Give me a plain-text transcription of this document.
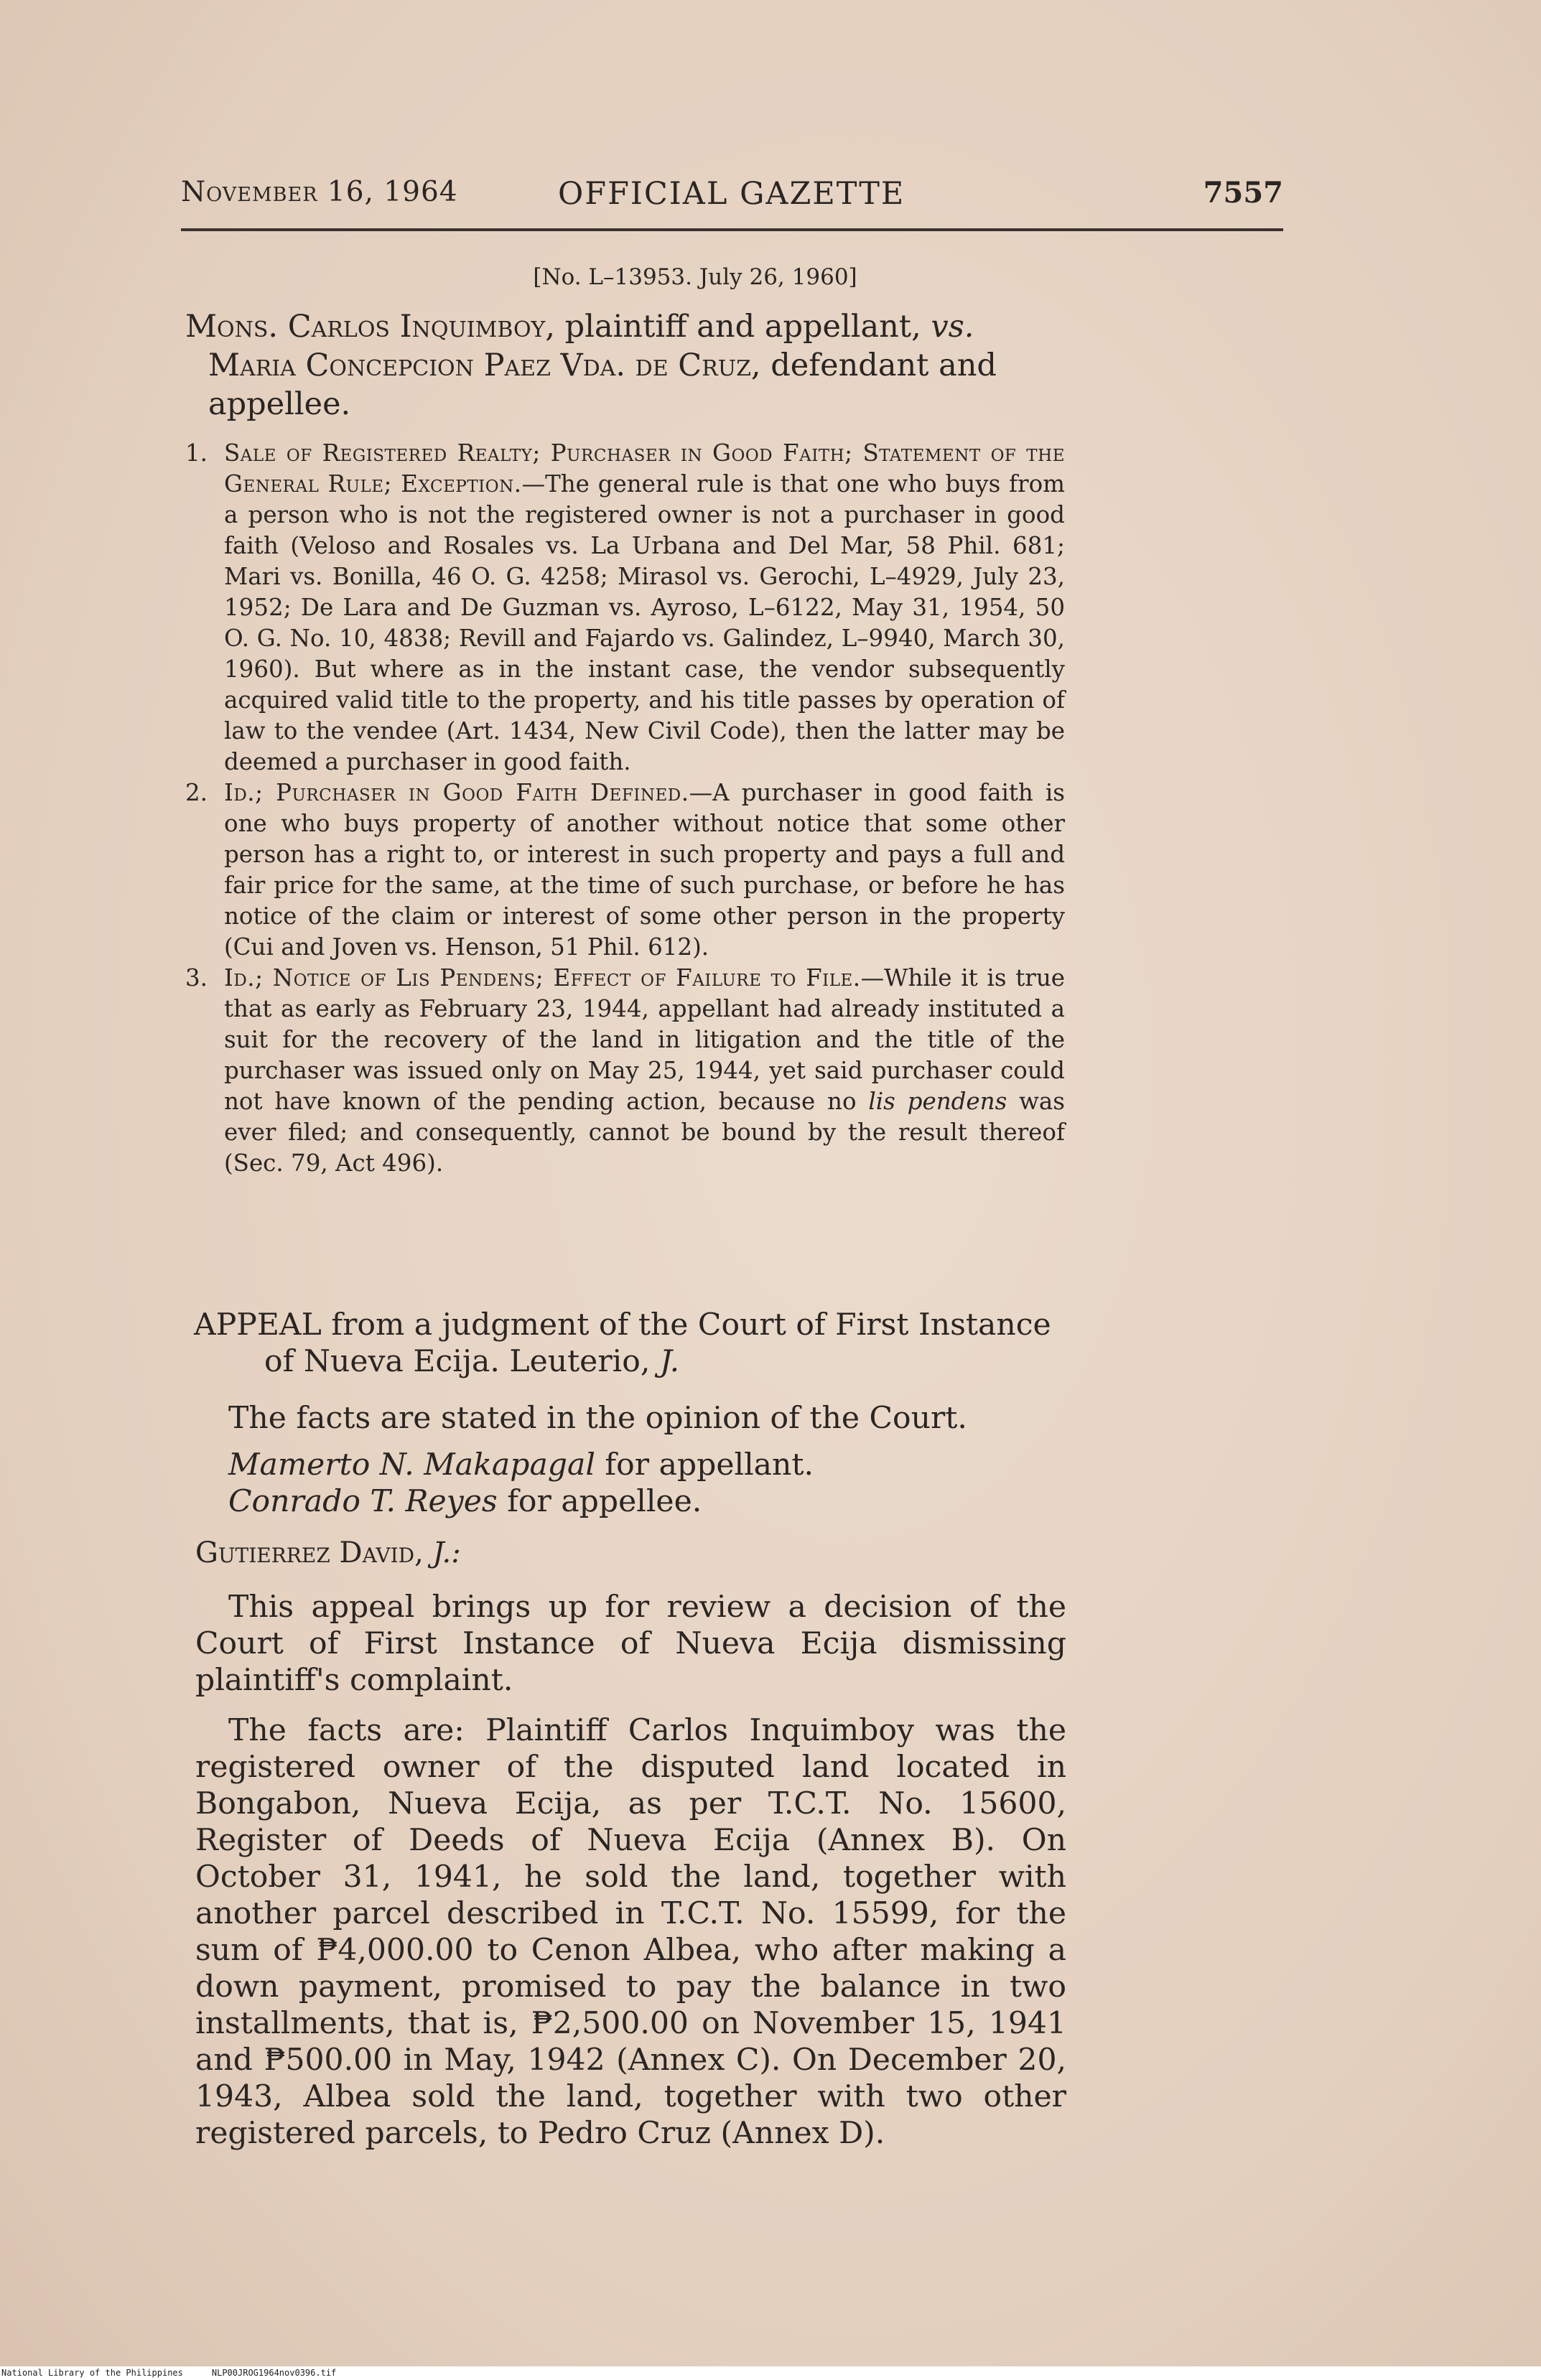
November 16, 1964	OFFICIAL GAZETTE	7557
[No. L–13953. July 26, 1960]
Mons. Carlos Inquimboy, plaintiff and appellant, vs.
Maria Concepcion Paez Vda. de Cruz, defendant and
appellee.
1. Sale of Registered Realty; Purchaser in Good Faith; Statement of the General Rule; Exception.—The general rule is that one who buys from a person who is not the registered owner is not a purchaser in good faith (Veloso and Rosales vs. La Urbana and Del Mar, 58 Phil. 681; Mari vs. Bonilla, 46 O. G. 4258; Mirasol vs. Gerochi, L–4929, July 23, 1952; De Lara and De Guzman vs. Ayroso, L–6122, May 31, 1954, 50 O. G. No. 10, 4838; Revill and Fajardo vs. Galindez, L–9940, March 30, 1960). But where as in the instant case, the vendor subsequently acquired valid title to the property, and his title passes by operation of law to the vendee (Art. 1434, New Civil Code), then the latter may be deemed a purchaser in good faith.
2. Id.; Purchaser in Good Faith Defined.—A purchaser in good faith is one who buys property of another without notice that some other person has a right to, or interest in such property and pays a full and fair price for the same, at the time of such purchase, or before he has notice of the claim or interest of some other person in the property (Cui and Joven vs. Henson, 51 Phil. 612).
3. Id.; Notice of Lis Pendens; Effect of Failure to File.—While it is true that as early as February 23, 1944, appellant had already instituted a suit for the recovery of the land in litigation and the title of the purchaser was issued only on May 25, 1944, yet said purchaser could not have known of the pending action, because no lis pendens was ever filed; and consequently, cannot be bound by the result thereof (Sec. 79, Act 496).
APPEAL from a judgment of the Court of First Instance
of Nueva Ecija. Leuterio, J.
The facts are stated in the opinion of the Court.
Mamerto N. Makapagal for appellant.
Conrado T. Reyes for appellee.
Gutierrez David, J.:
This appeal brings up for review a decision of the Court of First Instance of Nueva Ecija dismissing plaintiff's complaint.
The facts are: Plaintiff Carlos Inquimboy was the registered owner of the disputed land located in Bongabon, Nueva Ecija, as per T.C.T. No. 15600, Register of Deeds of Nueva Ecija (Annex B). On October 31, 1941, he sold the land, together with another parcel described in T.C.T. No. 15599, for the sum of ₱4,000.00 to Cenon Albea, who after making a down payment, promised to pay the balance in two installments, that is, ₱2,500.00 on November 15, 1941 and ₱500.00 in May, 1942 (Annex C). On December 20, 1943, Albea sold the land, together with two other registered parcels, to Pedro Cruz (Annex D).
National Library of the Philippines	NLP00JROG1964nov0396.tif
